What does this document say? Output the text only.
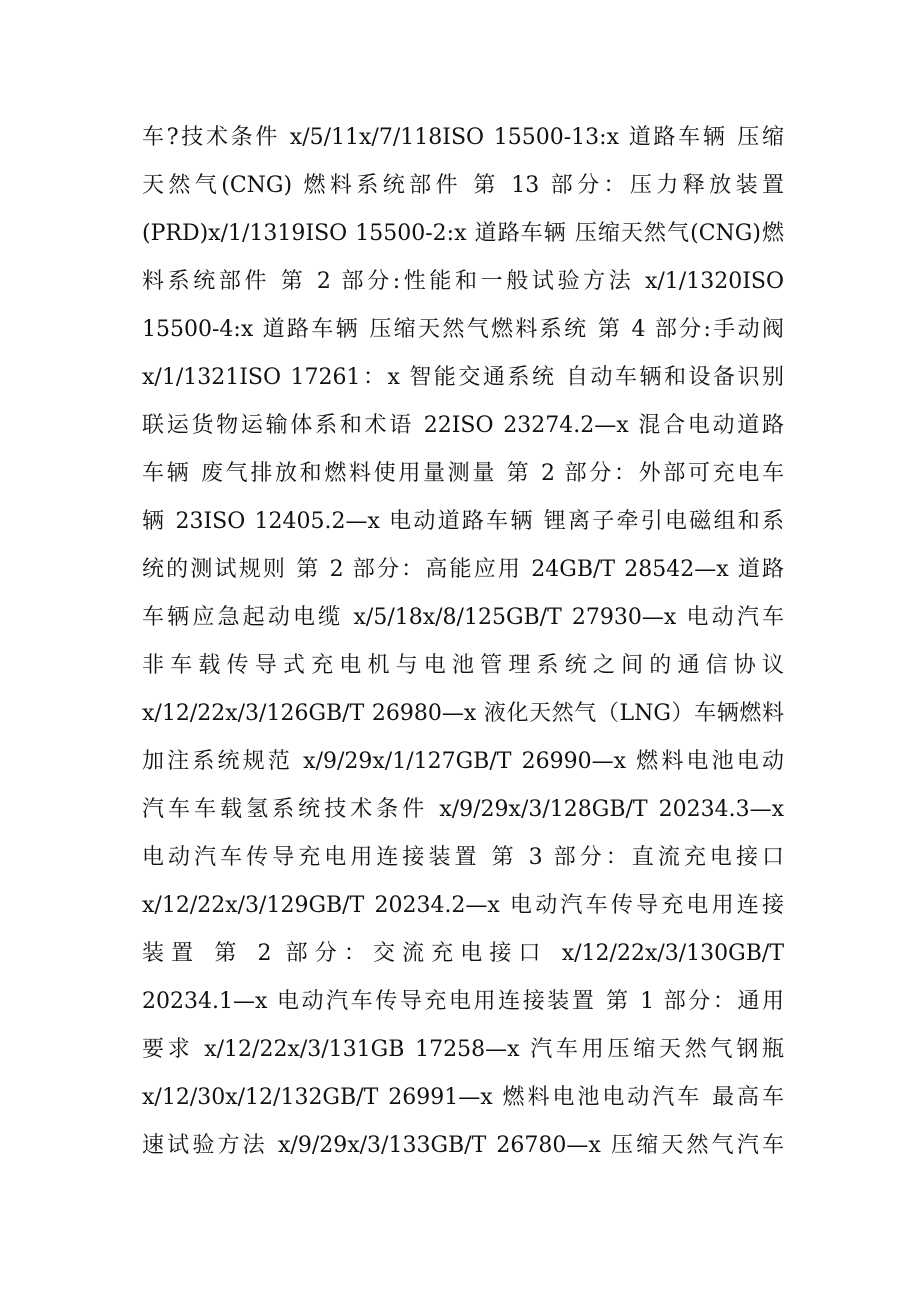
车?技术条件 x/5/11x/7/118ISO 15500-13:x 道路车辆 压缩
天然气(CNG) 燃料系统部件 第 13 部分：压力释放装置
(PRD)x/1/1319ISO 15500-2:x 道路车辆 压缩天然气(CNG)燃
料系统部件 第 2 部分:性能和一般试验方法 x/1/1320ISO
15500-4:x 道路车辆 压缩天然气燃料系统 第 4 部分:手动阀
x/1/1321ISO 17261：x 智能交通系统 自动车辆和设备识别
联运货物运输体系和术语 22ISO 23274.2—x 混合电动道路
车辆 废气排放和燃料使用量测量 第 2 部分：外部可充电车
辆 23ISO 12405.2—x 电动道路车辆 锂离子牵引电磁组和系
统的测试规则 第 2 部分：高能应用 24GB/T 28542—x 道路
车辆应急起动电缆 x/5/18x/8/125GB/T 27930—x 电动汽车
非车载传导式充电机与电池管理系统之间的通信协议
x/12/22x/3/126GB/T 26980—x 液化天然气（LNG）车辆燃料
加注系统规范 x/9/29x/1/127GB/T 26990—x 燃料电池电动
汽车车载氢系统技术条件 x/9/29x/3/128GB/T 20234.3—x
电动汽车传导充电用连接装置 第 3 部分：直流充电接口
x/12/22x/3/129GB/T 20234.2—x 电动汽车传导充电用连接
装置 第 2 部分：交流充电接口 x/12/22x/3/130GB/T
20234.1—x 电动汽车传导充电用连接装置 第 1 部分：通用
要求 x/12/22x/3/131GB 17258—x 汽车用压缩天然气钢瓶
x/12/30x/12/132GB/T 26991—x 燃料电池电动汽车 最高车
速试验方法 x/9/29x/3/133GB/T 26780—x 压缩天然气汽车
